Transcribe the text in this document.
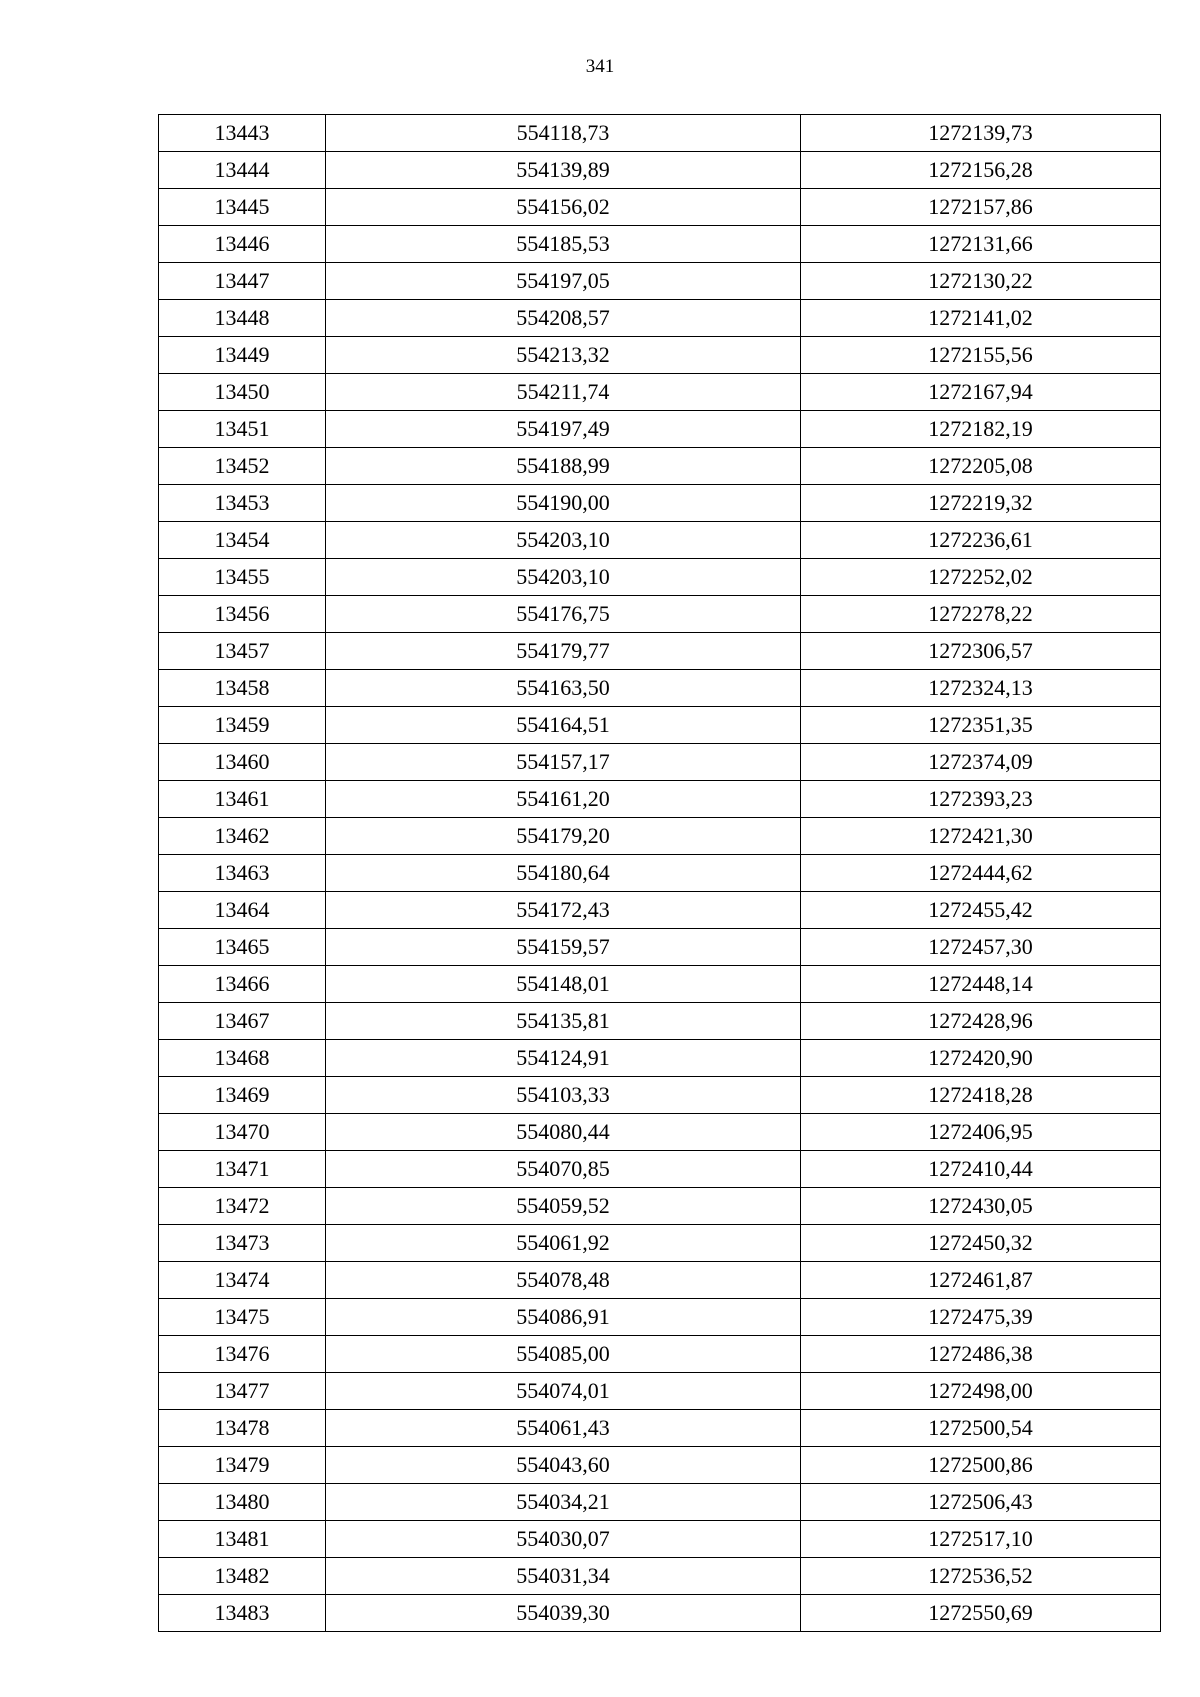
341
13443	554118,73	1272139,73
13444	554139,89	1272156,28
13445	554156,02	1272157,86
13446	554185,53	1272131,66
13447	554197,05	1272130,22
13448	554208,57	1272141,02
13449	554213,32	1272155,56
13450	554211,74	1272167,94
13451	554197,49	1272182,19
13452	554188,99	1272205,08
13453	554190,00	1272219,32
13454	554203,10	1272236,61
13455	554203,10	1272252,02
13456	554176,75	1272278,22
13457	554179,77	1272306,57
13458	554163,50	1272324,13
13459	554164,51	1272351,35
13460	554157,17	1272374,09
13461	554161,20	1272393,23
13462	554179,20	1272421,30
13463	554180,64	1272444,62
13464	554172,43	1272455,42
13465	554159,57	1272457,30
13466	554148,01	1272448,14
13467	554135,81	1272428,96
13468	554124,91	1272420,90
13469	554103,33	1272418,28
13470	554080,44	1272406,95
13471	554070,85	1272410,44
13472	554059,52	1272430,05
13473	554061,92	1272450,32
13474	554078,48	1272461,87
13475	554086,91	1272475,39
13476	554085,00	1272486,38
13477	554074,01	1272498,00
13478	554061,43	1272500,54
13479	554043,60	1272500,86
13480	554034,21	1272506,43
13481	554030,07	1272517,10
13482	554031,34	1272536,52
13483	554039,30	1272550,69
